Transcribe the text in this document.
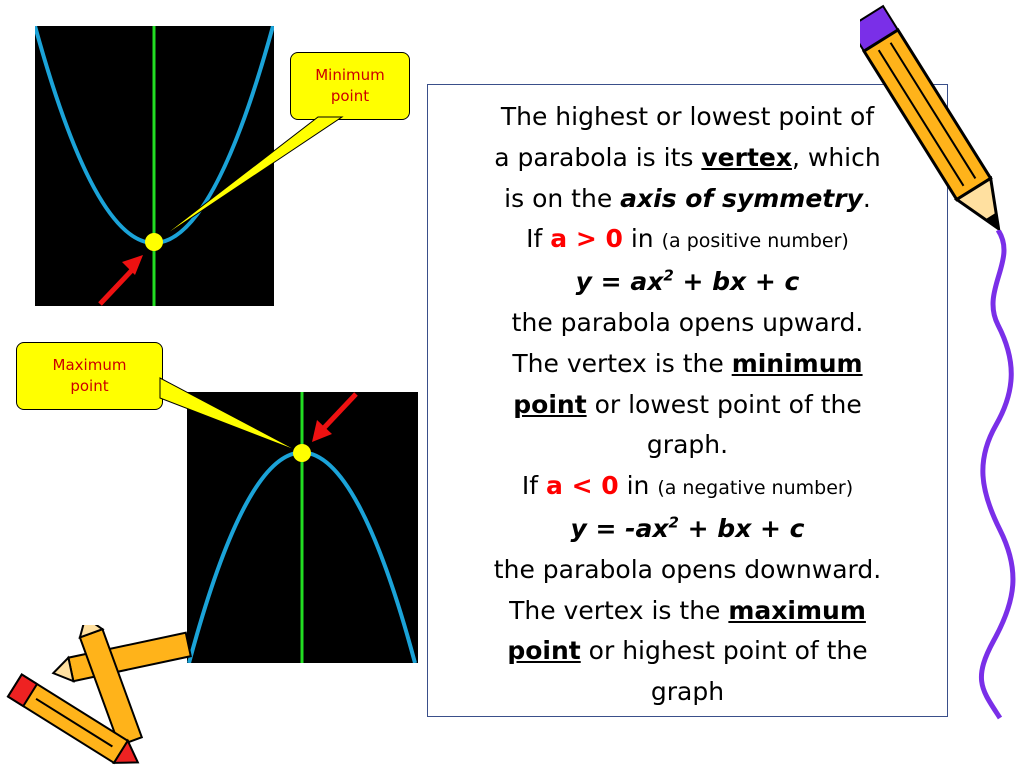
Minimum
point
Maximum
point
The highest or lowest point of
a parabola is its vertex, which
is on the axis of symmetry.
If a > 0 in (a positive number)
$y = ax^2$ + bx + c
the parabola opens upward.
The vertex is the minimum
point or lowest point of the
graph.
If a < 0 in (a negative number)
$y = -ax^2$ + bx + c
the parabola opens downward.
The vertex is the maximum
point or highest point of the
graph
